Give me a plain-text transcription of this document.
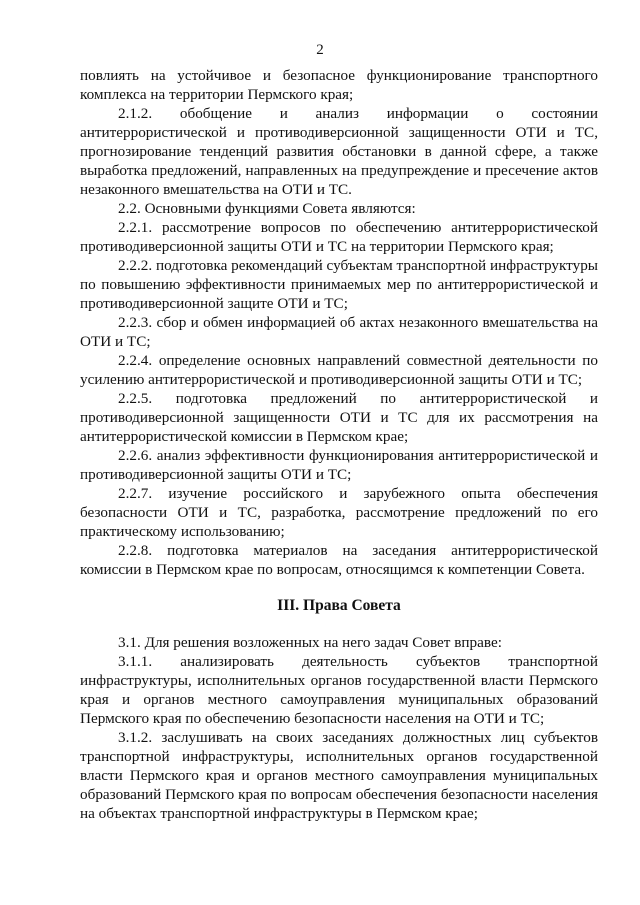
2

повлиять на устойчивое и безопасное функционирование транспортного комплекса на территории Пермского края;

2.1.2. обобщение и анализ информации о состоянии антитеррористической и противодиверсионной защищенности ОТИ и ТС, прогнозирование тенденций развития обстановки в данной сфере, а также выработка предложений, направленных на предупреждение и пресечение актов незаконного вмешательства на ОТИ и ТС.

2.2. Основными функциями Совета являются:

2.2.1. рассмотрение вопросов по обеспечению антитеррористической противодиверсионной защиты ОТИ и ТС на территории Пермского края;

2.2.2. подготовка рекомендаций субъектам транспортной инфраструктуры по повышению эффективности принимаемых мер по антитеррористической и противодиверсионной защите ОТИ и ТС;

2.2.3. сбор и обмен информацией об актах незаконного вмешательства на ОТИ и ТС;

2.2.4. определение основных направлений совместной деятельности по усилению антитеррористической и противодиверсионной защиты ОТИ и ТС;

2.2.5. подготовка предложений по антитеррористической и противодиверсионной защищенности ОТИ и ТС для их рассмотрения на антитеррористической комиссии в Пермском крае;

2.2.6. анализ эффективности функционирования антитеррористической и противодиверсионной защиты ОТИ и ТС;

2.2.7. изучение российского и зарубежного опыта обеспечения безопасности ОТИ и ТС, разработка, рассмотрение предложений по его практическому использованию;

2.2.8. подготовка материалов на заседания антитеррористической комиссии в Пермском крае по вопросам, относящимся к компетенции Совета.

III. Права Совета

3.1. Для решения возложенных на него задач Совет вправе:

3.1.1. анализировать деятельность субъектов транспортной инфраструктуры, исполнительных органов государственной власти Пермского края и органов местного самоуправления муниципальных образований Пермского края по обеспечению безопасности населения на ОТИ и ТС;

3.1.2. заслушивать на своих заседаниях должностных лиц субъектов транспортной инфраструктуры, исполнительных органов государственной власти Пермского края и органов местного самоуправления муниципальных образований Пермского края по вопросам обеспечения безопасности населения на объектах транспортной инфраструктуры в Пермском крае;
